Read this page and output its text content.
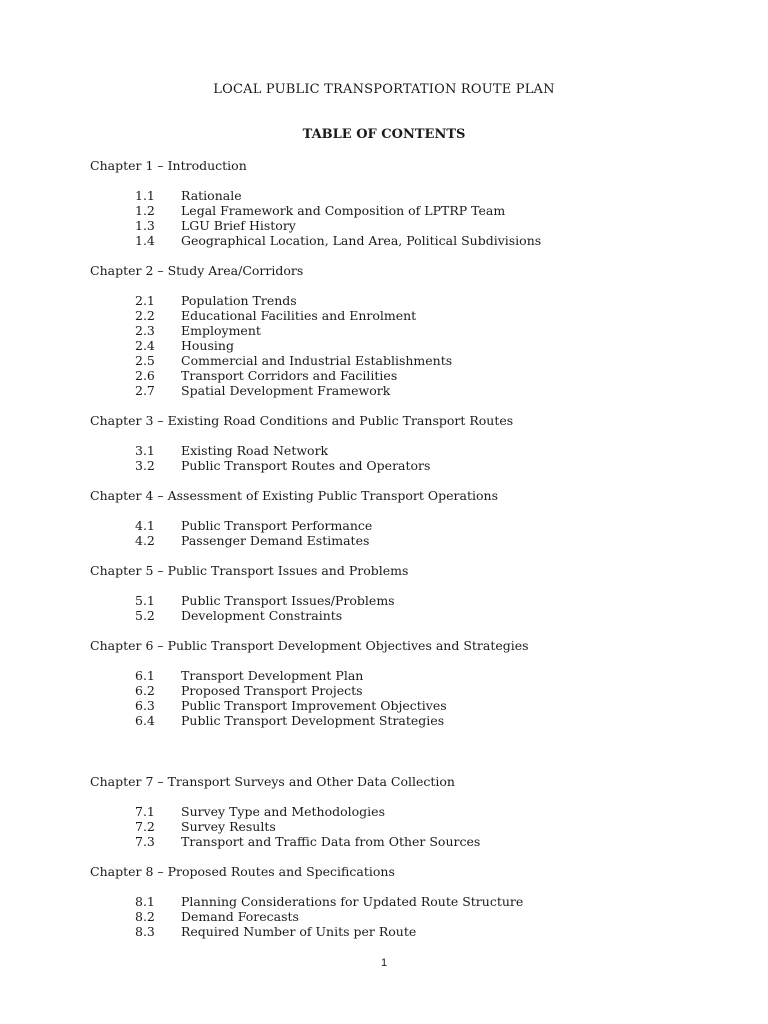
LOCAL PUBLIC TRANSPORTATION ROUTE PLAN
TABLE OF CONTENTS
Chapter 1 – Introduction
1.1 Rationale
1.2 Legal Framework and Composition of LPTRP Team
1.3 LGU Brief History
1.4 Geographical Location, Land Area, Political Subdivisions
Chapter 2 – Study Area/Corridors
2.1 Population Trends
2.2 Educational Facilities and Enrolment
2.3 Employment
2.4 Housing
2.5 Commercial and Industrial Establishments
2.6 Transport Corridors and Facilities
2.7 Spatial Development Framework
Chapter 3 – Existing Road Conditions and Public Transport Routes
3.1 Existing Road Network
3.2 Public Transport Routes and Operators
Chapter 4 – Assessment of Existing Public Transport Operations
4.1 Public Transport Performance
4.2 Passenger Demand Estimates
Chapter 5 – Public Transport Issues and Problems
5.1 Public Transport Issues/Problems
5.2 Development Constraints
Chapter 6 – Public Transport Development Objectives and Strategies
6.1 Transport Development Plan
6.2 Proposed Transport Projects
6.3 Public Transport Improvement Objectives
6.4 Public Transport Development Strategies
Chapter 7 – Transport Surveys and Other Data Collection
7.1 Survey Type and Methodologies
7.2 Survey Results
7.3 Transport and Traffic Data from Other Sources
Chapter 8 – Proposed Routes and Specifications
8.1 Planning Considerations for Updated Route Structure
8.2 Demand Forecasts
8.3 Required Number of Units per Route
1
